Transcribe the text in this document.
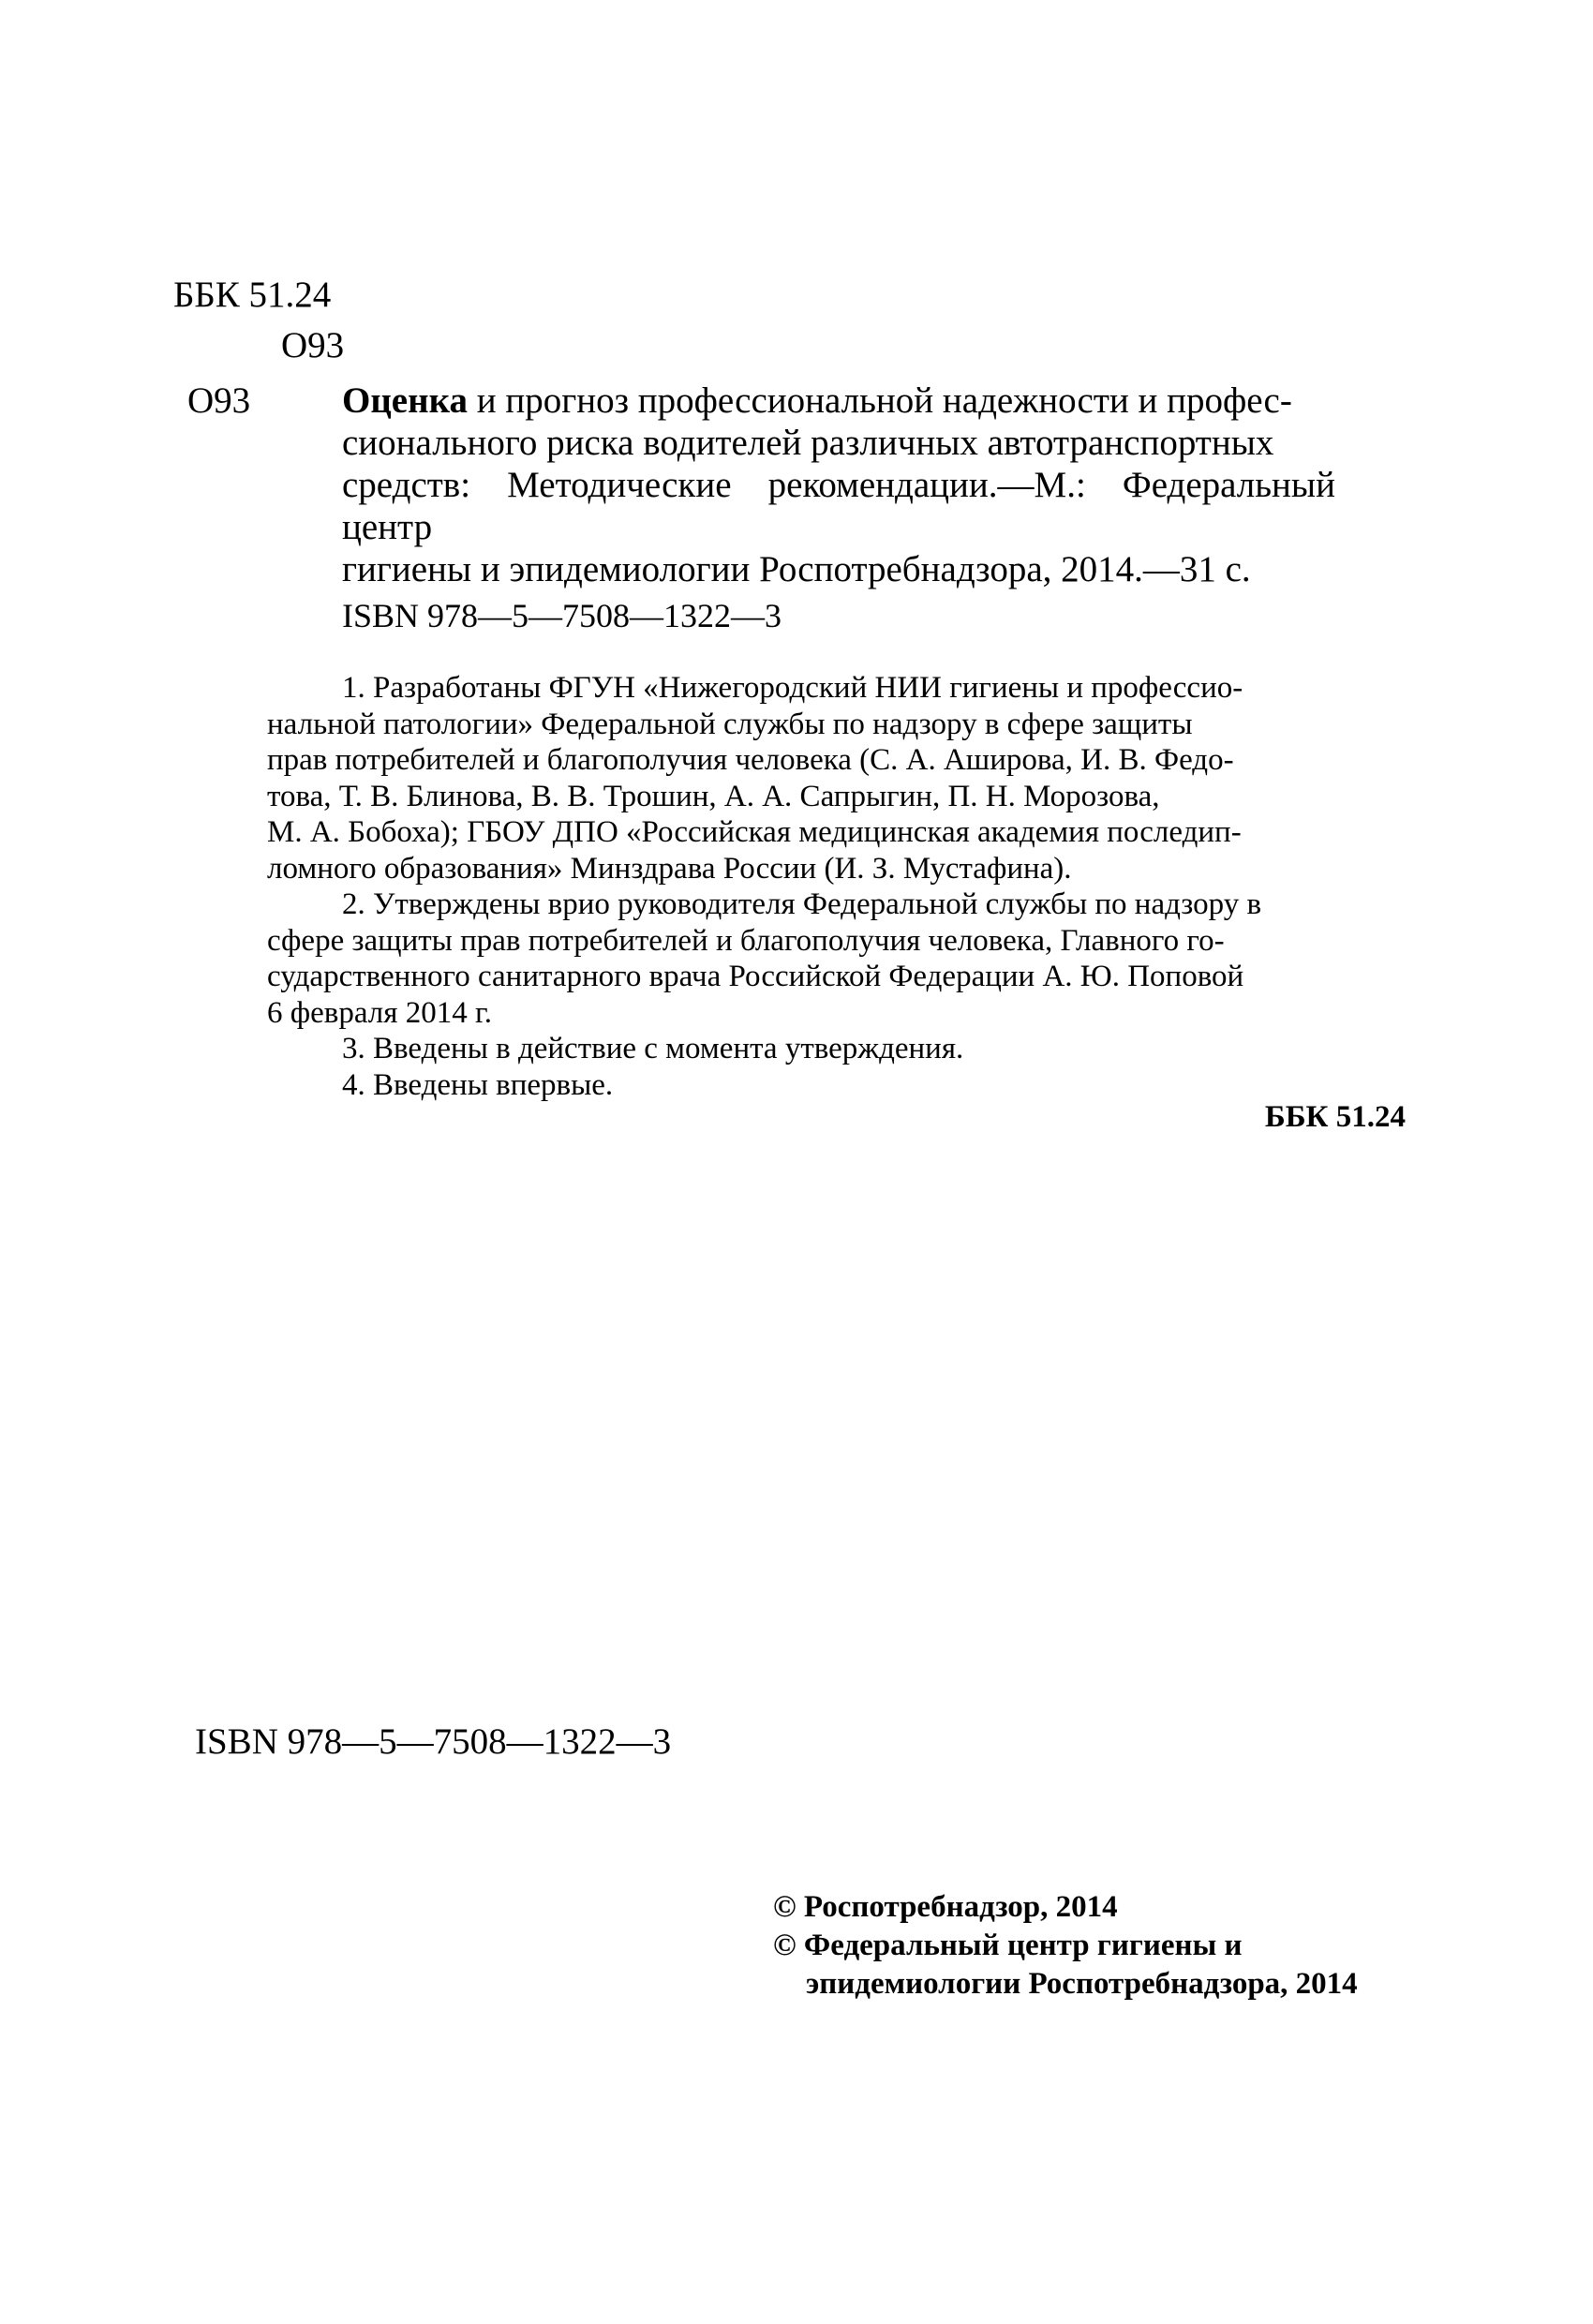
ББК 51.24
О93
О93	Оценка и прогноз профессиональной надежности и профес-
сионального риска водителей различных автотранспортных
средств: Методические рекомендации.—М.: Федеральный центр
гигиены и эпидемиологии Роспотребнадзора, 2014.—31 с.
ISBN 978—5—7508—1322—3

1. Разработаны ФГУН «Нижегородский НИИ гигиены и профессио-
нальной патологии» Федеральной службы по надзору в сфере защиты
прав потребителей и благополучия человека (С. А. Аширова, И. В. Федо-
това, Т. В. Блинова, В. В. Трошин, А. А. Сапрыгин, П. Н. Морозова,
М. А. Бобоха); ГБОУ ДПО «Российская медицинская академия последип-
ломного образования» Минздрава России (И. З. Мустафина).

2. Утверждены врио руководителя Федеральной службы по надзору в
сфере защиты прав потребителей и благополучия человека, Главного го-
сударственного санитарного врача Российской Федерации А. Ю. Поповой
6 февраля 2014 г.

3. Введены в действие с момента утверждения.

4. Введены впервые.

ББК 51.24
ISBN 978—5—7508—1322—3
© Роспотребнадзор, 2014
© Федеральный центр гигиены и
эпидемиологии Роспотребнадзора, 2014
